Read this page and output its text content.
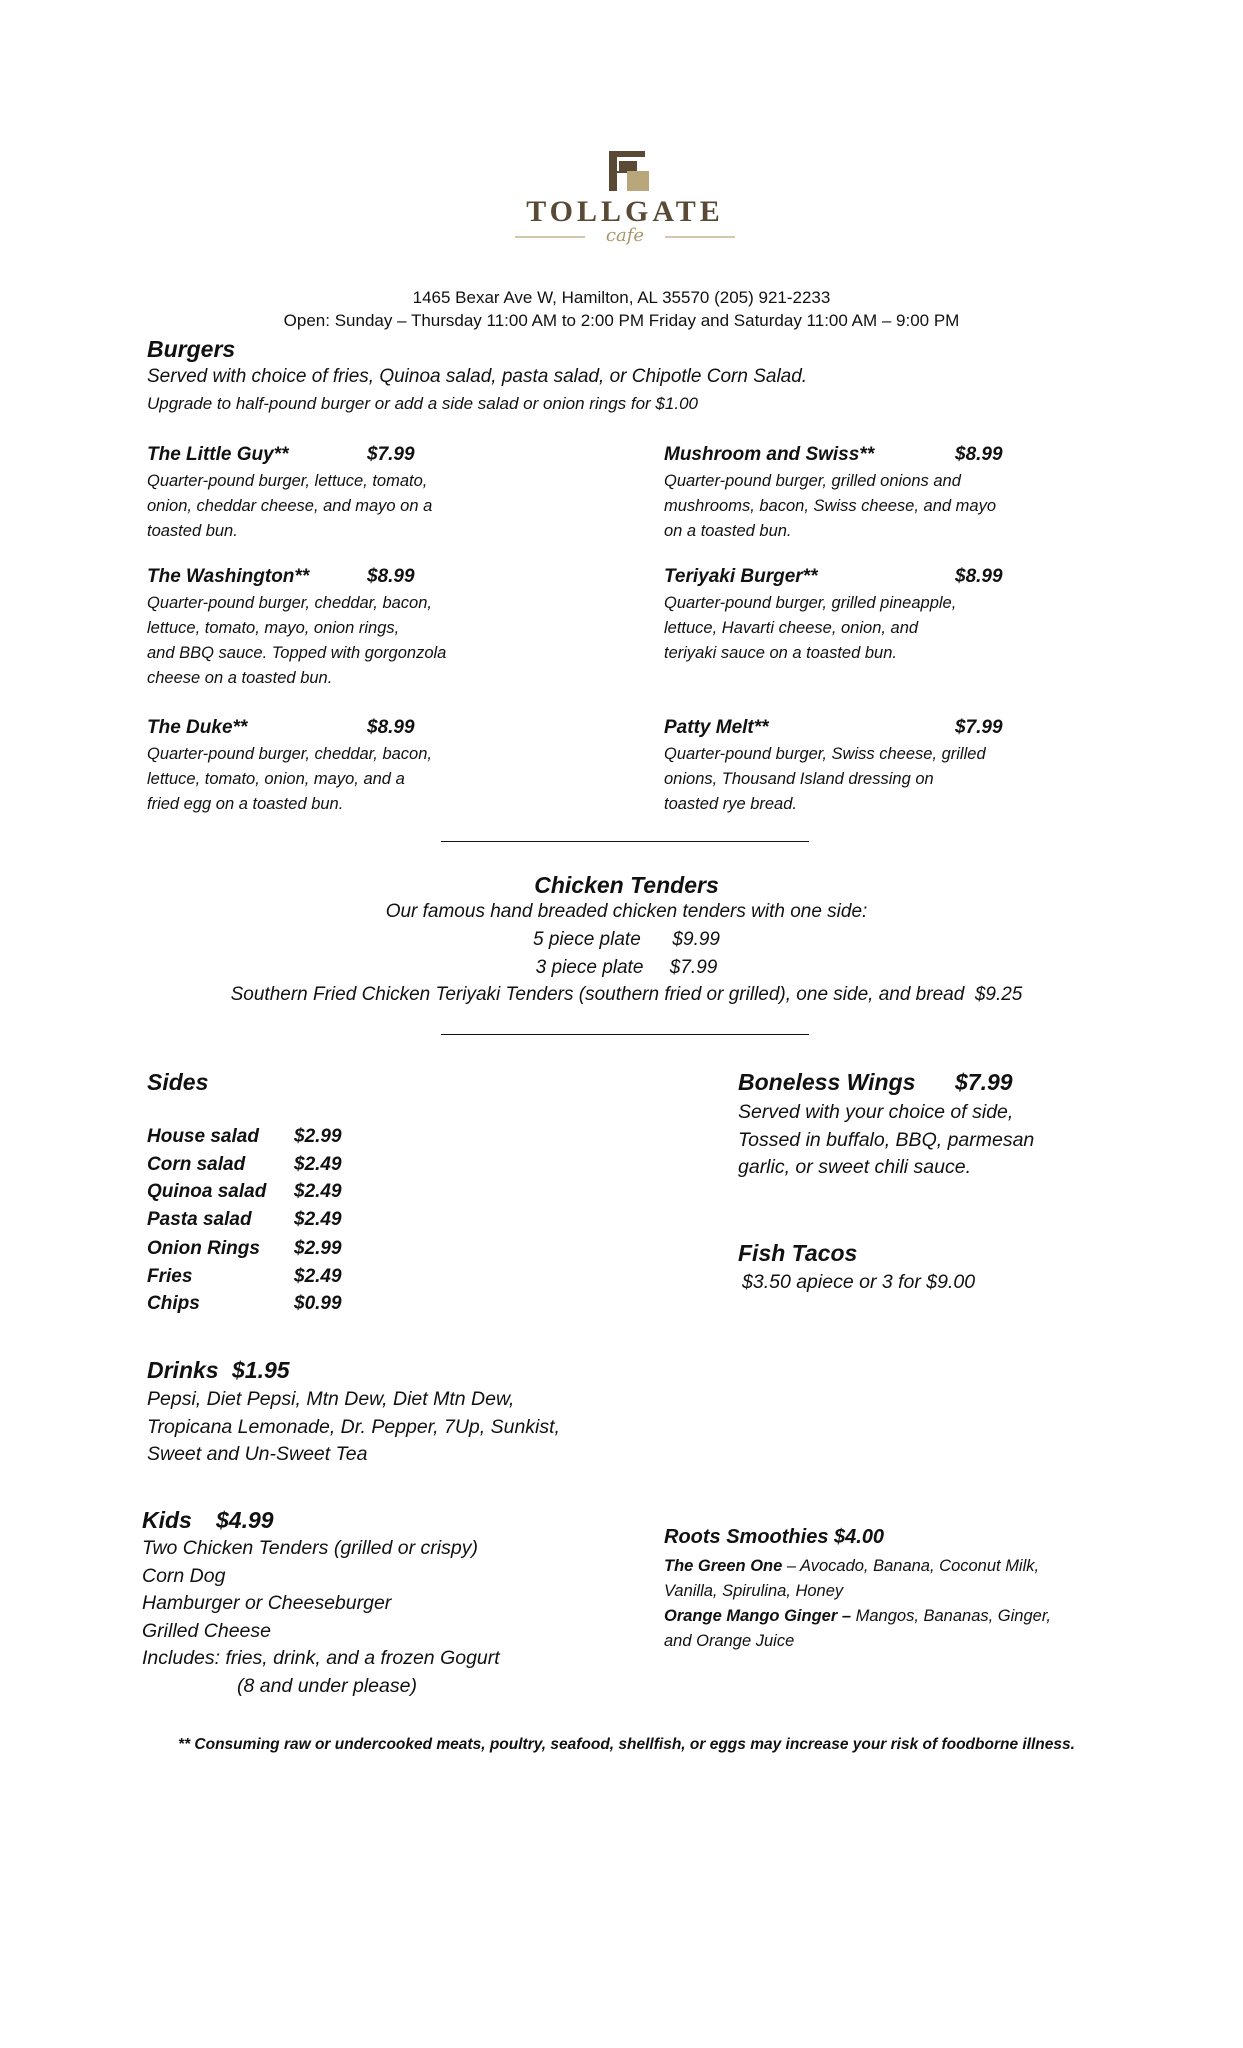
TOLLGATE
cafe
1465 Bexar Ave W, Hamilton, AL 35570 (205) 921-2233
Open: Sunday – Thursday 11:00 AM to 2:00 PM Friday and Saturday 11:00 AM – 9:00 PM
Burgers
Served with choice of fries, Quinoa salad, pasta salad, or Chipotle Corn Salad.
Upgrade to half-pound burger or add a side salad or onion rings for $1.00
The Little Guy**	$7.99
Quarter-pound burger, lettuce, tomato,
onion, cheddar cheese, and mayo on a
toasted bun.
Mushroom and Swiss**	$8.99
Quarter-pound burger, grilled onions and
mushrooms, bacon, Swiss cheese, and mayo
on a toasted bun.
The Washington**	$8.99
Quarter-pound burger, cheddar, bacon,
lettuce, tomato, mayo, onion rings,
and BBQ sauce. Topped with gorgonzola
cheese on a toasted bun.
Teriyaki Burger**	$8.99
Quarter-pound burger, grilled pineapple,
lettuce, Havarti cheese, onion, and
teriyaki sauce on a toasted bun.
The Duke**	$8.99
Quarter-pound burger, cheddar, bacon,
lettuce, tomato, onion, mayo, and a
fried egg on a toasted bun.
Patty Melt**	$7.99
Quarter-pound burger, Swiss cheese, grilled
onions, Thousand Island dressing on
toasted rye bread.
Chicken Tenders
Our famous hand breaded chicken tenders with one side:
5 piece plate      $9.99
3 piece plate     $7.99
Southern Fried Chicken Teriyaki Tenders (southern fried or grilled), one side, and bread  $9.25
Sides
House salad $2.99
Corn salad	$2.49
Quinoa salad $2.49
Pasta salad $2.49
Onion Rings $2.99
Fries	$2.49
Chips	$0.99
Boneless Wings $7.99
Served with your choice of side,
Tossed in buffalo, BBQ, parmesan
garlic, or sweet chili sauce.
Fish Tacos
$3.50 apiece or 3 for $9.00
Drinks $1.95
Pepsi, Diet Pepsi, Mtn Dew, Diet Mtn Dew,
Tropicana Lemonade, Dr. Pepper, 7Up, Sunkist,
Sweet and Un-Sweet Tea
Kids $4.99
Two Chicken Tenders (grilled or crispy)
Corn Dog
Hamburger or Cheeseburger
Grilled Cheese
Includes: fries, drink, and a frozen Gogurt
(8 and under please)
Roots Smoothies $4.00
The Green One – Avocado, Banana, Coconut Milk,
Vanilla, Spirulina, Honey
Orange Mango Ginger – Mangos, Bananas, Ginger,
and Orange Juice
** Consuming raw or undercooked meats, poultry, seafood, shellfish, or eggs may increase your risk of foodborne illness.
